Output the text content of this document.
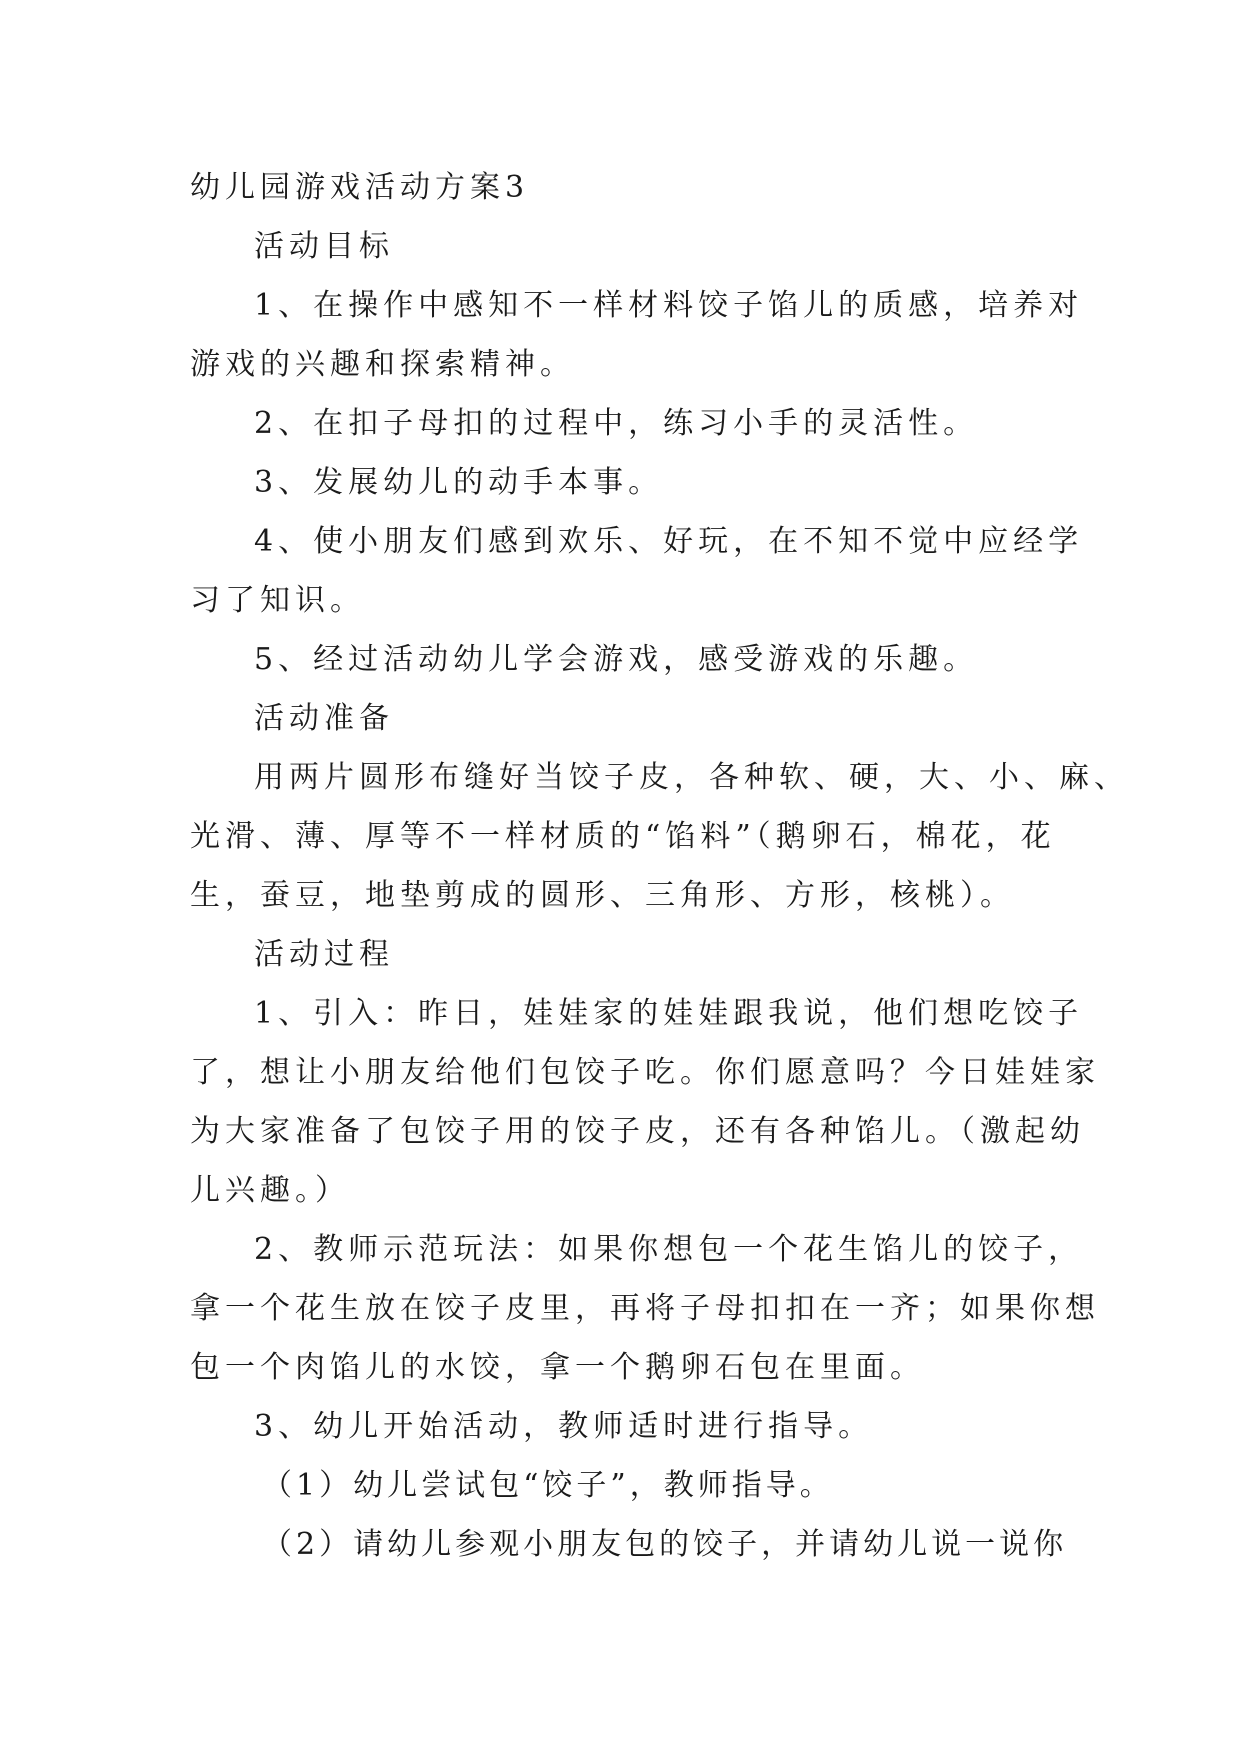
幼儿园游戏活动方案3
活动目标
1、在操作中感知不一样材料饺子馅儿的质感，培养对
游戏的兴趣和探索精神。
2、在扣子母扣的过程中，练习小手的灵活性。
3、发展幼儿的动手本事。
4、使小朋友们感到欢乐、好玩，在不知不觉中应经学
习了知识。
5、经过活动幼儿学会游戏，感受游戏的乐趣。
活动准备
用两片圆形布缝好当饺子皮，各种软、硬，大、小、麻、
光滑、薄、厚等不一样材质的“馅料”（鹅卵石，棉花，花
生，蚕豆，地垫剪成的圆形、三角形、方形，核桃）。
活动过程
1、引入：昨日，娃娃家的娃娃跟我说，他们想吃饺子
了，想让小朋友给他们包饺子吃。你们愿意吗？今日娃娃家
为大家准备了包饺子用的饺子皮，还有各种馅儿。（激起幼
儿兴趣。）
2、教师示范玩法：如果你想包一个花生馅儿的饺子，
拿一个花生放在饺子皮里，再将子母扣扣在一齐；如果你想
包一个肉馅儿的水饺，拿一个鹅卵石包在里面。
3、幼儿开始活动，教师适时进行指导。
（1）幼儿尝试包“饺子”，教师指导。
（2）请幼儿参观小朋友包的饺子，并请幼儿说一说你
